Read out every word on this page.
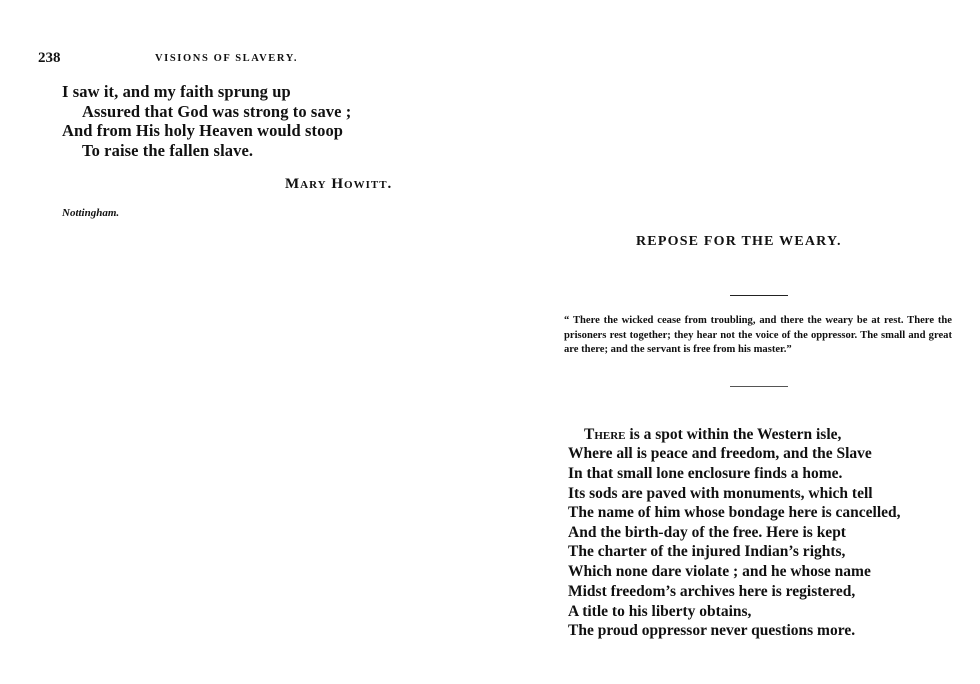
238	VISIONS OF SLAVERY.
I saw it, and my faith sprung up
Assured that God was strong to save ;
And from His holy Heaven would stoop
To raise the fallen slave.
Mary Howitt.
Nottingham.
REPOSE FOR THE WEARY.
“ There the wicked cease from troubling, and there the weary be at rest. There the prisoners rest together; they hear not the voice of the oppressor. The small and great are there; and the servant is free from his master.”
There is a spot within the Western isle,
Where all is peace and freedom, and the Slave
In that small lone enclosure finds a home.
Its sods are paved with monuments, which tell
The name of him whose bondage here is cancelled,
And the birth-day of the free. Here is kept
The charter of the injured Indian’s rights,
Which none dare violate ; and he whose name
Midst freedom’s archives here is registered,
A title to his liberty obtains,
The proud oppressor never questions more.
